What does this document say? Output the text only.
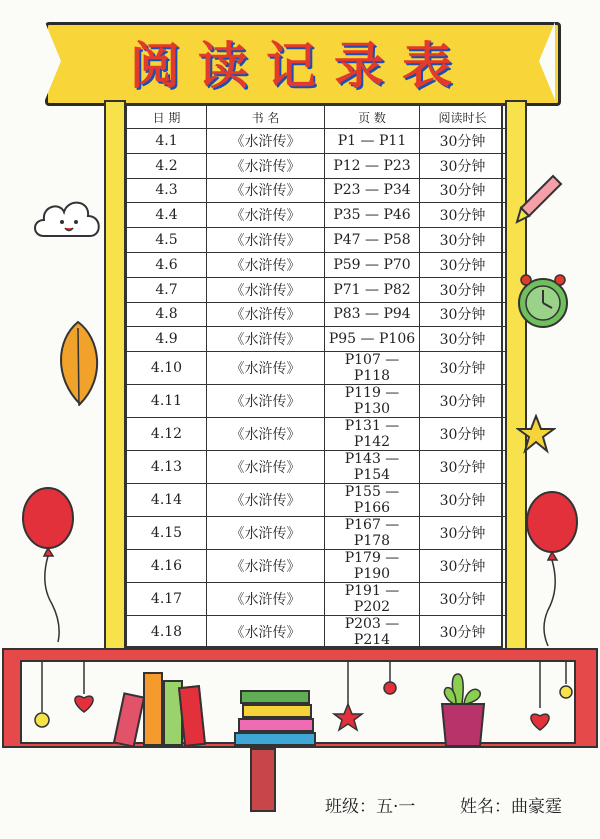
阅读记录表
日 期	书 名	页 数	阅读时长
4.1	《水浒传》	P1 — P11	30分钟
4.2	《水浒传》	P12 — P23	30分钟
4.3	《水浒传》	P23 — P34	30分钟
4.4	《水浒传》	P35 — P46	30分钟
4.5	《水浒传》	P47 — P58	30分钟
4.6	《水浒传》	P59 — P70	30分钟
4.7	《水浒传》	P71 — P82	30分钟
4.8	《水浒传》	P83 — P94	30分钟
4.9	《水浒传》	P95 — P106	30分钟
4.10	《水浒传》	P107 — P118	30分钟
4.11	《水浒传》	P119 — P130	30分钟
4.12	《水浒传》	P131 — P142	30分钟
4.13	《水浒传》	P143 — P154	30分钟
4.14	《水浒传》	P155 — P166	30分钟
4.15	《水浒传》	P167 — P178	30分钟
4.16	《水浒传》	P179 — P190	30分钟
4.17	《水浒传》	P191 — P202	30分钟
4.18	《水浒传》	P203 — P214	30分钟

班级：五·一	姓名：曲豪霆
